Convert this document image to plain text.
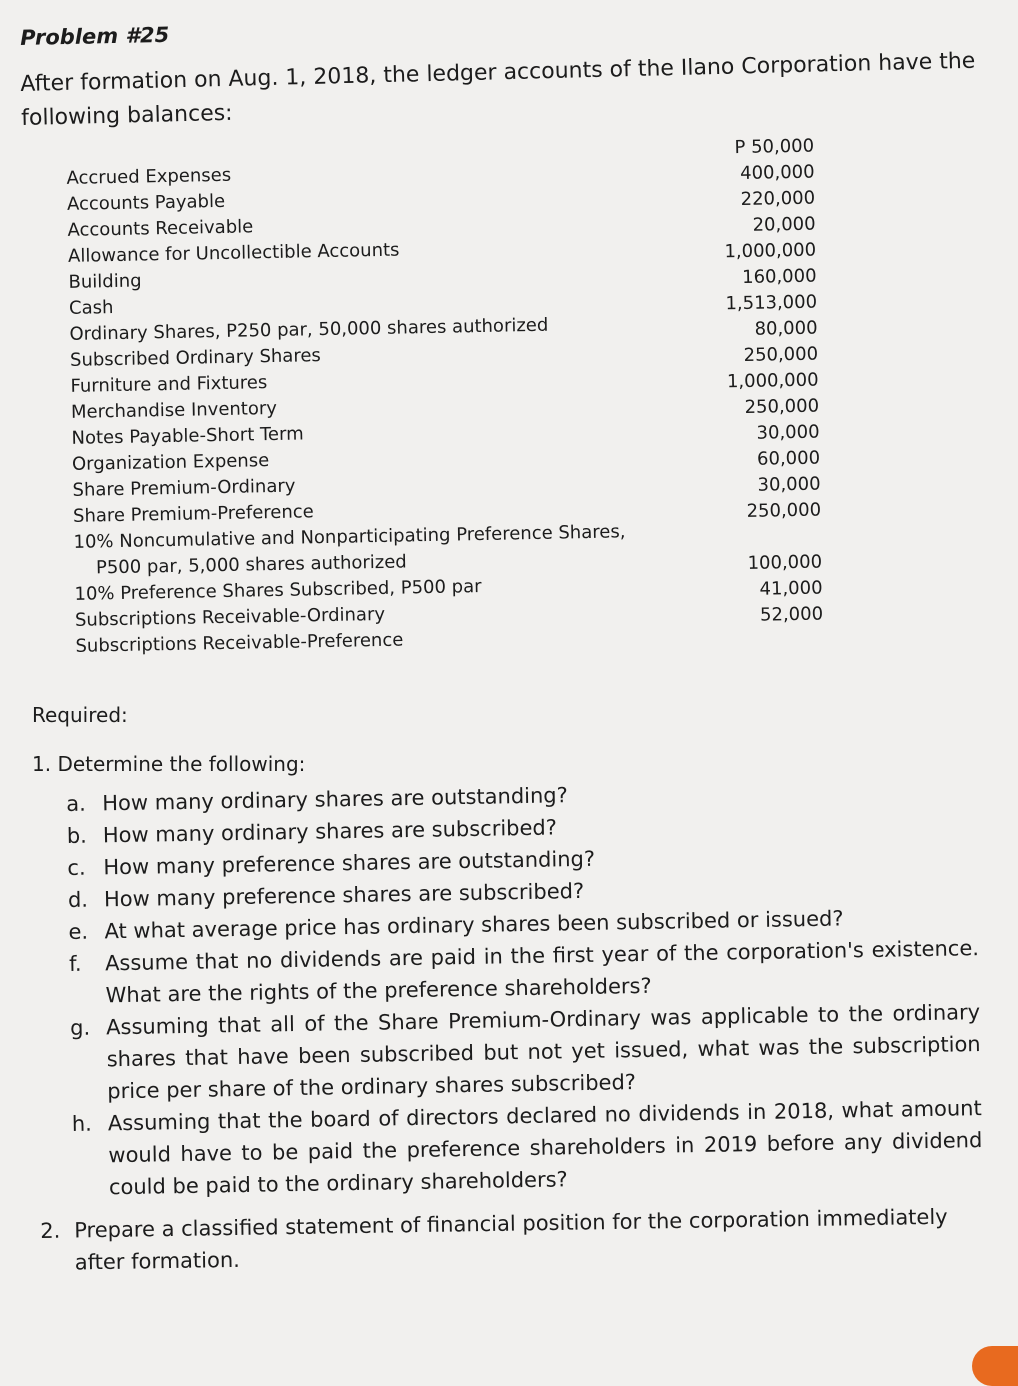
Problem #25
After formation on Aug. 1, 2018, the ledger accounts of the Ilano Corporation have the following balances:
Accrued Expenses
Accounts Payable
Accounts Receivable
Allowance for Uncollectible Accounts
Building
Cash
Ordinary Shares, P250 par, 50,000 shares authorized
Subscribed Ordinary Shares
Furniture and Fixtures
Merchandise Inventory
Notes Payable-Short Term
Organization Expense
Share Premium-Ordinary
Share Premium-Preference
10% Noncumulative and Nonparticipating Preference Shares,
P500 par, 5,000 shares authorized
10% Preference Shares Subscribed, P500 par
Subscriptions Receivable-Ordinary
Subscriptions Receivable-Preference
P 50,000
400,000
220,000
20,000
1,000,000
160,000
1,513,000
80,000
250,000
1,000,000
250,000
30,000
60,000
30,000
250,000
100,000
41,000
52,000
Required:
1. Determine the following:
a. How many ordinary shares are outstanding?
b. How many ordinary shares are subscribed?
c. How many preference shares are outstanding?
d. How many preference shares are subscribed?
e. At what average price has ordinary shares been subscribed or issued?
f.	Assume that no dividends are paid in the first year of the corporation's existence. What are the rights of the preference shareholders?
g. Assuming that all of the Share Premium-Ordinary was applicable to the ordinary shares that have been subscribed but not yet issued, what was the subscription price per share of the ordinary shares subscribed?
h. Assuming that the board of directors declared no dividends in 2018, what amount would have to be paid the preference shareholders in 2019 before any dividend could be paid to the ordinary shareholders?
2. Prepare a classified statement of financial position for the corporation immediately after formation.
